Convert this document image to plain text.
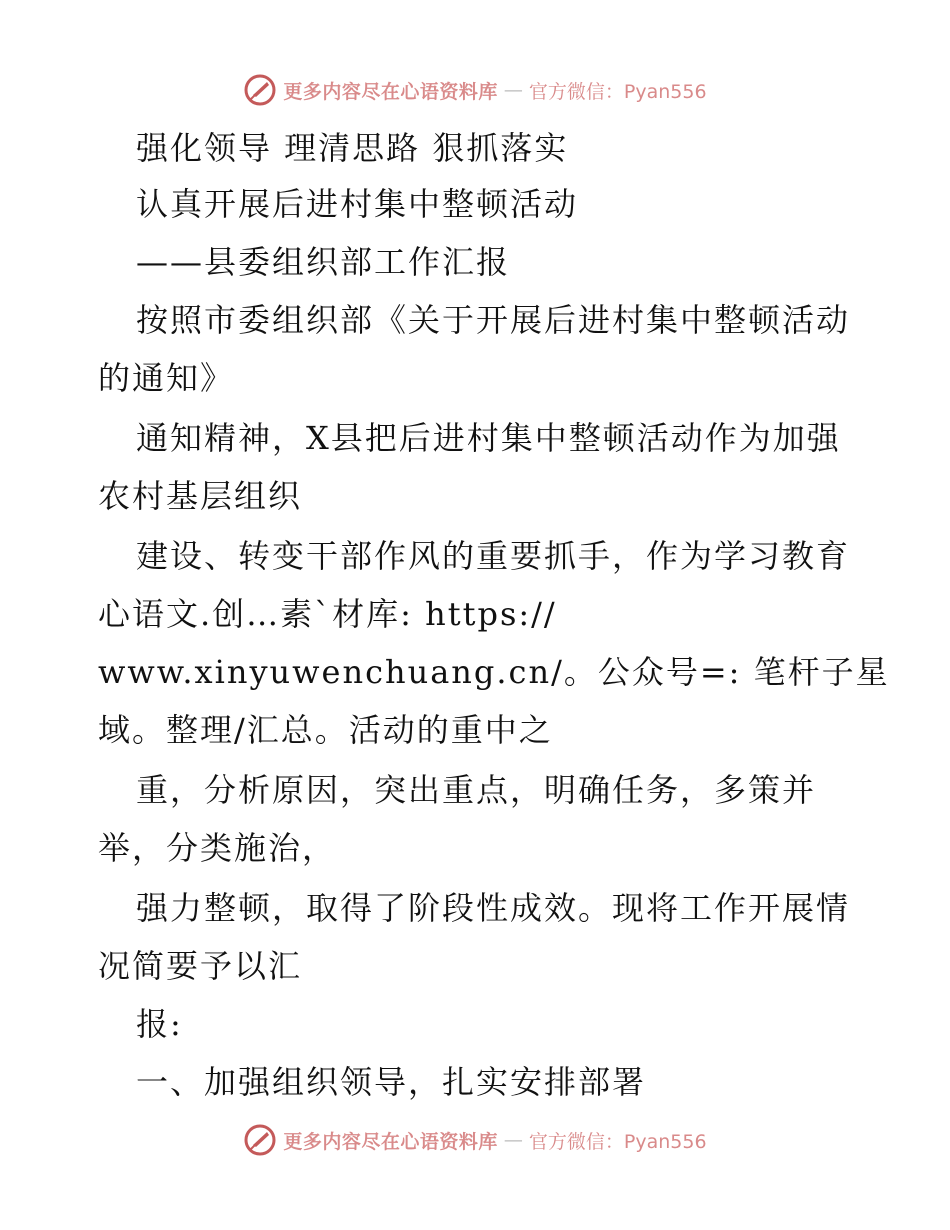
更多内容尽在心语资料库 — 官方微信：Pyan556
强化领导 理清思路 狠抓落实
认真开展后进村集中整顿活动
——县委组织部工作汇报
按照市委组织部《关于开展后进村集中整顿活动
的通知》
通知精神，X县把后进村集中整顿活动作为加强
农村基层组织
建设、转变干部作风的重要抓手，作为学习教育
心语文.创…素`材库: https://
www.xinyuwenchuang.cn/。公众号=: 笔杆子星
域。整理/汇总。活动的重中之
重，分析原因，突出重点，明确任务，多策并
举，分类施治，
强力整顿，取得了阶段性成效。现将工作开展情
况简要予以汇
报:
一、加强组织领导，扎实安排部署
更多内容尽在心语资料库 — 官方微信：Pyan556
